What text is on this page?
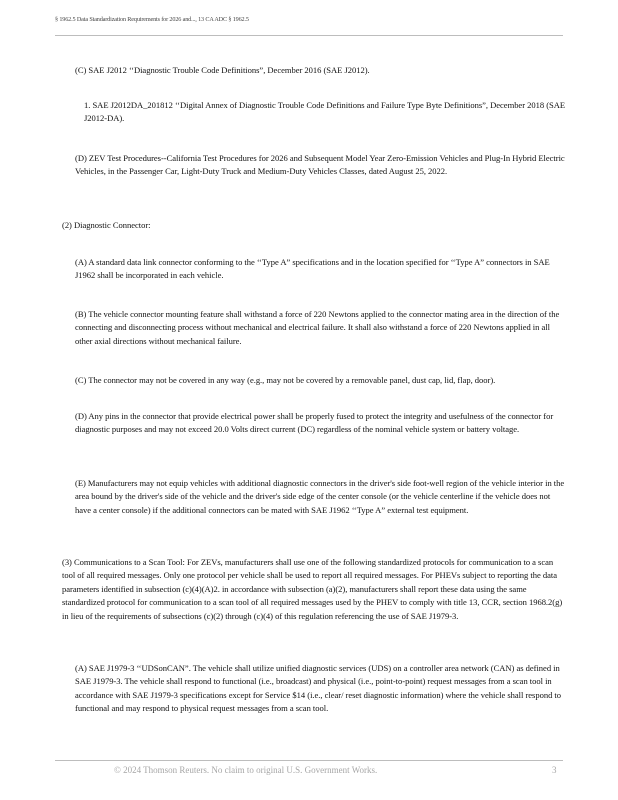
§ 1962.5 Data Standardization Requirements for 2026 and..., 13 CA ADC § 1962.5

(C) SAE J2012 ‘‘Diagnostic Trouble Code Definitions”, December 2016 (SAE J2012).

1. SAE J2012DA_201812 ‘‘Digital Annex of Diagnostic Trouble Code Definitions and Failure Type Byte Definitions”, December 2018 (SAE J2012-DA).

(D) ZEV Test Procedures--California Test Procedures for 2026 and Subsequent Model Year Zero-Emission Vehicles and Plug-In Hybrid Electric Vehicles, in the Passenger Car, Light-Duty Truck and Medium-Duty Vehicles Classes, dated August 25, 2022.

(2) Diagnostic Connector:

(A) A standard data link connector conforming to the ‘‘Type A” specifications and in the location specified for ‘‘Type A” connectors in SAE J1962 shall be incorporated in each vehicle.

(B) The vehicle connector mounting feature shall withstand a force of 220 Newtons applied to the connector mating area in the direction of the connecting and disconnecting process without mechanical and electrical failure. It shall also withstand a force of 220 Newtons applied in all other axial directions without mechanical failure.

(C) The connector may not be covered in any way (e.g., may not be covered by a removable panel, dust cap, lid, flap, door).

(D) Any pins in the connector that provide electrical power shall be properly fused to protect the integrity and usefulness of the connector for diagnostic purposes and may not exceed 20.0 Volts direct current (DC) regardless of the nominal vehicle system or battery voltage.

(E) Manufacturers may not equip vehicles with additional diagnostic connectors in the driver's side foot-well region of the vehicle interior in the area bound by the driver's side of the vehicle and the driver's side edge of the center console (or the vehicle centerline if the vehicle does not have a center console) if the additional connectors can be mated with SAE J1962 ‘‘Type A” external test equipment.

(3) Communications to a Scan Tool: For ZEVs, manufacturers shall use one of the following standardized protocols for communication to a scan tool of all required messages. Only one protocol per vehicle shall be used to report all required messages. For PHEVs subject to reporting the data parameters identified in subsection (c)(4)(A)2. in accordance with subsection (a)(2), manufacturers shall report these data using the same standardized protocol for communication to a scan tool of all required messages used by the PHEV to comply with title 13, CCR, section 1968.2(g) in lieu of the requirements of subsections (c)(2) through (c)(4) of this regulation referencing the use of SAE J1979-3.

(A) SAE J1979-3 ‘‘UDSonCAN”. The vehicle shall utilize unified diagnostic services (UDS) on a controller area network (CAN) as defined in SAE J1979-3. The vehicle shall respond to functional (i.e., broadcast) and physical (i.e., point-to-point) request messages from a scan tool in accordance with SAE J1979-3 specifications except for Service $14 (i.e., clear/ reset diagnostic information) where the vehicle shall respond to functional and may respond to physical request messages from a scan tool.

© 2024 Thomson Reuters. No claim to original U.S. Government Works.	3
